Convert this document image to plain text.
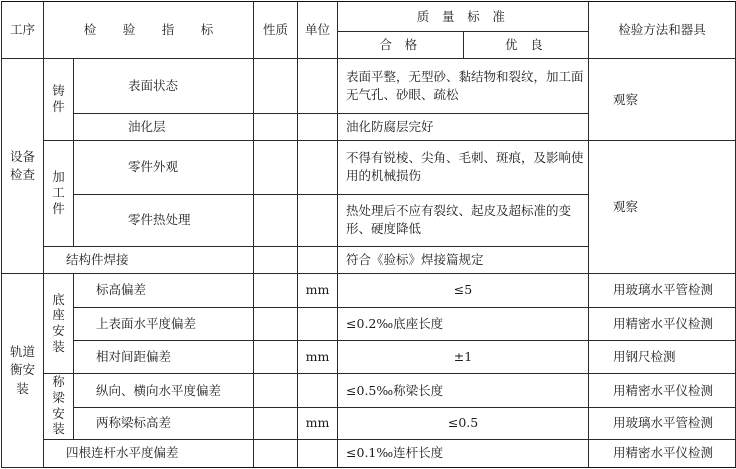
工序	检 验 指 标		性质	单位	质 量 标 准		检验方法和器具
					合 格	优 良	
设备检查	铸件	表面状态			表面平整，无型砂、黏结物和裂纹，加工面无气孔、砂眼、疏松		观察
		油化层			油化防腐层完好		
	加工件	零件外观			不得有锐棱、尖角、毛刺、斑痕，及影响使用的机械损伤		观察
		零件热处理			热处理后不应有裂纹、起皮及超标准的变形、硬度降低		
	结构件焊接				符合《验标》焊接篇规定		
轨道衡安装	底座安装	标高偏差		mm	≤5		用玻璃水平管检测
		上表面水平度偏差			≤0.2‰底座长度		用精密水平仪检测
		相对间距偏差		mm	±1		用钢尺检测
	称梁安装	纵向、横向水平度偏差			≤0.5‰称梁长度		用精密水平仪检测
		两称梁标高差		mm	≤0.5		用玻璃水平管检测
	四根连杆水平度偏差				≤0.1‰连杆长度		用精密水平仪检测
